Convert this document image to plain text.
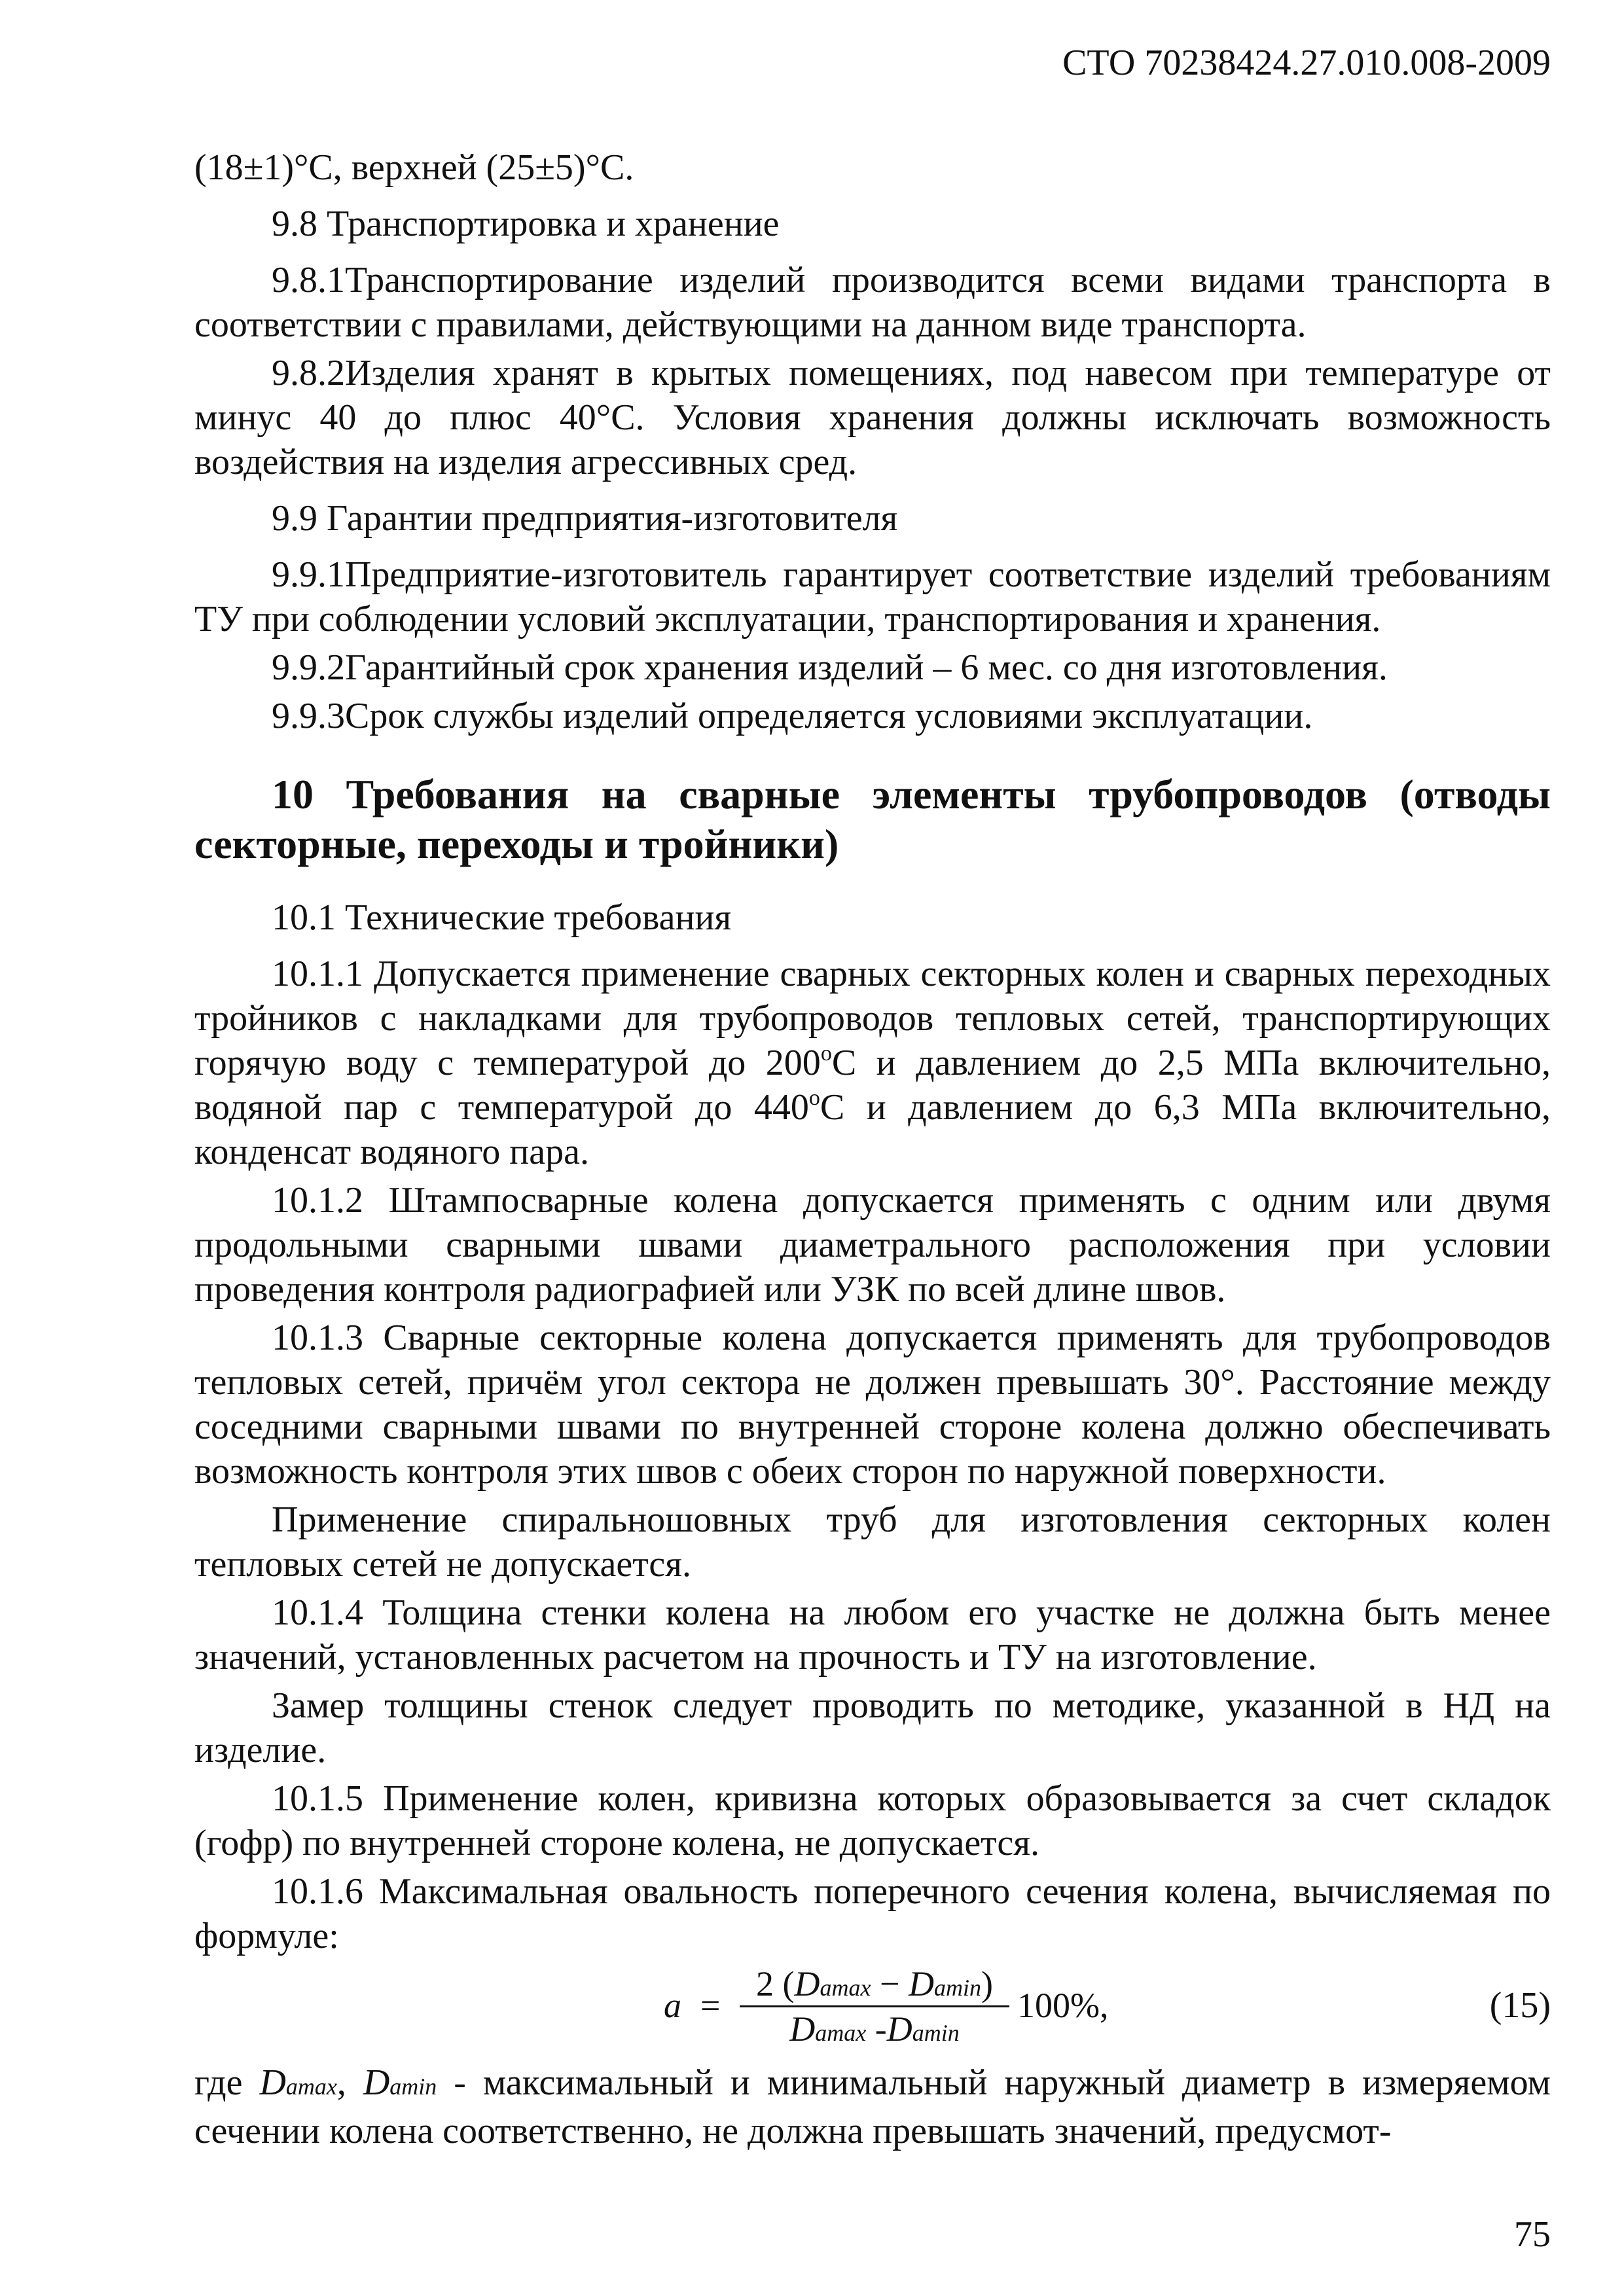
СТО 70238424.27.010.008-2009

(18±1)°С, верхней (25±5)°С.

9.8 Транспортировка и хранение

9.8.1Транспортирование изделий производится всеми видами транспорта в соответствии с правилами, действующими на данном виде транспорта.

9.8.2Изделия хранят в крытых помещениях, под навесом при температуре от минус 40 до плюс 40°С. Условия хранения должны исключать возможность воздействия на изделия агрессивных сред.

9.9 Гарантии предприятия-изготовителя

9.9.1Предприятие-изготовитель гарантирует соответствие изделий требованиям ТУ при соблюдении условий эксплуатации, транспортирования и хранения.

9.9.2Гарантийный срок хранения изделий – 6 мес. со дня изготовления.

9.9.3Срок службы изделий определяется условиями эксплуатации.

10 Требования на сварные элементы трубопроводов (отводы секторные, переходы и тройники)

10.1 Технические требования

10.1.1 Допускается применение сварных секторных колен и сварных переходных тройников с накладками для трубопроводов тепловых сетей, транспортирующих горячую воду с температурой до 200$^o$С и давлением до 2,5 МПа включительно, водяной пар с температурой до 440$^o$С и давлением до 6,3 МПа включительно, конденсат водяного пара.

10.1.2 Штампосварные колена допускается применять с одним или двумя продольными сварными швами диаметрального расположения при условии проведения контроля радиографией или УЗК по всей длине швов.

10.1.3 Сварные секторные колена допускается применять для трубопроводов тепловых сетей, причём угол сектора не должен превышать 30°. Расстояние между соседними сварными швами по внутренней стороне колена должно обеспечивать возможность контроля этих швов с обеих сторон по наружной поверхности.

Применение спиральношовных труб для изготовления секторных колен тепловых сетей не допускается.

10.1.4 Толщина стенки колена на любом его участке не должна быть менее значений, установленных расчетом на прочность и ТУ на изготовление.

Замер толщины стенок следует проводить по методике, указанной в НД на изделие.

10.1.5 Применение колен, кривизна которых образовывается за счет складок (гофр) по внутренней стороне колена, не допускается.

10.1.6 Максимальная овальность поперечного сечения колена, вычисляемая по формуле:

a =
2 (Damax − Damin)
Damax -Damin
100%,	(15)

где Damax, Damin - максимальный и минимальный наружный диаметр в измеряемом сечении колена соответственно, не должна превышать значений, предусмот-

75
